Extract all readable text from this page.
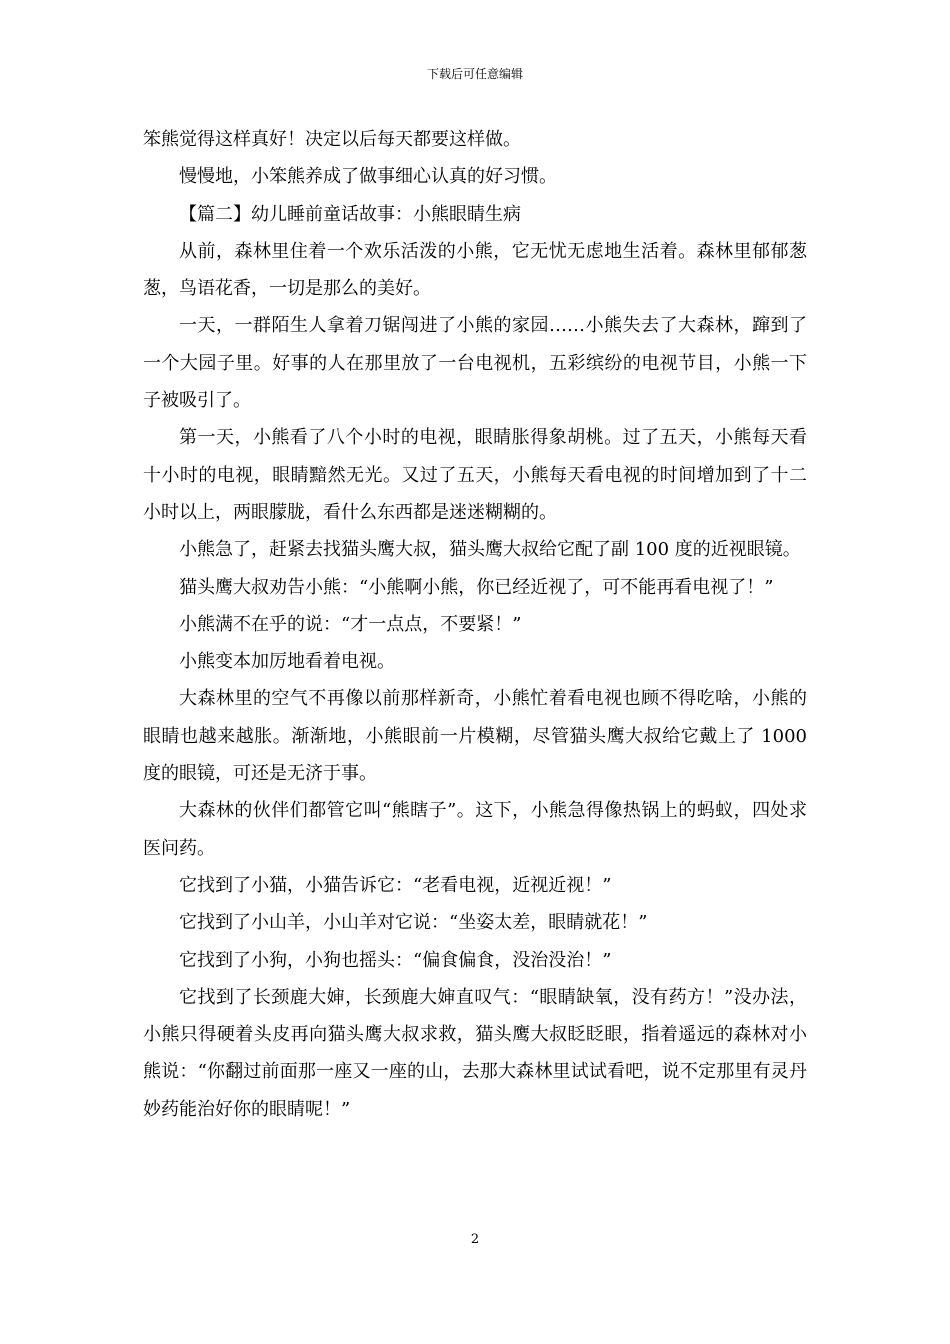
下载后可任意编辑

笨熊觉得这样真好！决定以后每天都要这样做。

慢慢地，小笨熊养成了做事细心认真的好习惯。

【篇二】幼儿睡前童话故事：小熊眼睛生病

从前，森林里住着一个欢乐活泼的小熊，它无忧无虑地生活着。森林里郁郁葱葱，鸟语花香，一切是那么的美好。

一天，一群陌生人拿着刀锯闯进了小熊的家园……小熊失去了大森林，蹿到了一个大园子里。好事的人在那里放了一台电视机，五彩缤纷的电视节目，小熊一下子被吸引了。

第一天，小熊看了八个小时的电视，眼睛胀得象胡桃。过了五天，小熊每天看十小时的电视，眼睛黯然无光。又过了五天，小熊每天看电视的时间增加到了十二小时以上，两眼朦胧，看什么东西都是迷迷糊糊的。

小熊急了，赶紧去找猫头鹰大叔，猫头鹰大叔给它配了副 100 度的近视眼镜。

猫头鹰大叔劝告小熊：“小熊啊小熊，你已经近视了，可不能再看电视了！”

小熊满不在乎的说：“才一点点，不要紧！”

小熊变本加厉地看着电视。

大森林里的空气不再像以前那样新奇，小熊忙着看电视也顾不得吃啥，小熊的眼睛也越来越胀。渐渐地，小熊眼前一片模糊，尽管猫头鹰大叔给它戴上了 1000 度的眼镜，可还是无济于事。

大森林的伙伴们都管它叫“熊瞎子”。这下，小熊急得像热锅上的蚂蚁，四处求医问药。

它找到了小猫，小猫告诉它：“老看电视，近视近视！”

它找到了小山羊，小山羊对它说：“坐姿太差，眼睛就花！”

它找到了小狗，小狗也摇头：“偏食偏食，没治没治！”

它找到了长颈鹿大婶，长颈鹿大婶直叹气：“眼睛缺氧，没有药方！”没办法，小熊只得硬着头皮再向猫头鹰大叔求救，猫头鹰大叔眨眨眼，指着遥远的森林对小熊说：“你翻过前面那一座又一座的山，去那大森林里试试看吧，说不定那里有灵丹妙药能治好你的眼睛呢！”

2
